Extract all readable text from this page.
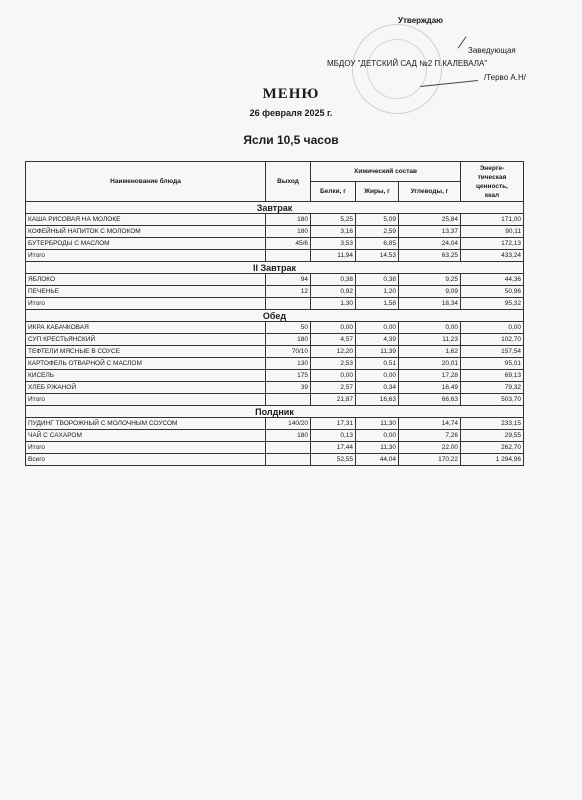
Утверждаю
Заведующая
МБДОУ "ДЕТСКИЙ САД №2 П.КАЛЕВАЛА"
/Терво А.Н/
МЕНЮ
26 февраля 2025 г.
Ясли 10,5 часов
Наименование блюда	Выход	Химический состав			Энерге-
тическая
ценность,
ккал

		Белки, г	Жиры, г	Углеводы, г	
Завтрак					
КАША РИСОВАЯ НА МОЛОКЕ	180	5,25	5,09	25,84	171,00
КОФЕЙНЫЙ НАПИТОК С МОЛОКОМ	180	3,16	2,59	13,37	90,11
БУТЕРБРОДЫ С МАСЛОМ	45/6	3,53	6,85	24,04	172,13
Итого		11,94	14,53	63,25	433,24
II Завтрак					
ЯБЛОКО	94	0,38	0,38	9,25	44,36
ПЕЧЕНЬЕ	12	0,92	1,20	9,09	50,96
Итого		1,30	1,58	18,34	95,32
Обед					
ИКРА КАБАЧКОВАЯ	50	0,00	0,00	0,00	0,00
СУП КРЕСТЬЯНСКИЙ	180	4,57	4,39	11,23	102,70
ТЕФТЕЛИ МЯСНЫЕ В СОУСЕ	70/10	12,20	11,39	1,62	157,54
КАРТОФЕЛЬ ОТВАРНОЙ С МАСЛОМ	130	2,53	0,51	20,01	95,01
КИСЕЛЬ	175	0,00	0,00	17,28	69,13
ХЛЕБ РЖАНОЙ	39	2,57	0,34	16,49	79,32
Итого		21,87	16,63	66,63	503,70
Полдник					
ПУДИНГ ТВОРОЖНЫЙ С МОЛОЧНЫМ СОУСОМ	140/20	17,31	11,30	14,74	233,15
ЧАЙ С САХАРОМ	180	0,13	0,00	7,26	29,55
Итого		17,44	11,30	22,00	262,70
Всего		52,55	44,04	170,22	1 294,96
